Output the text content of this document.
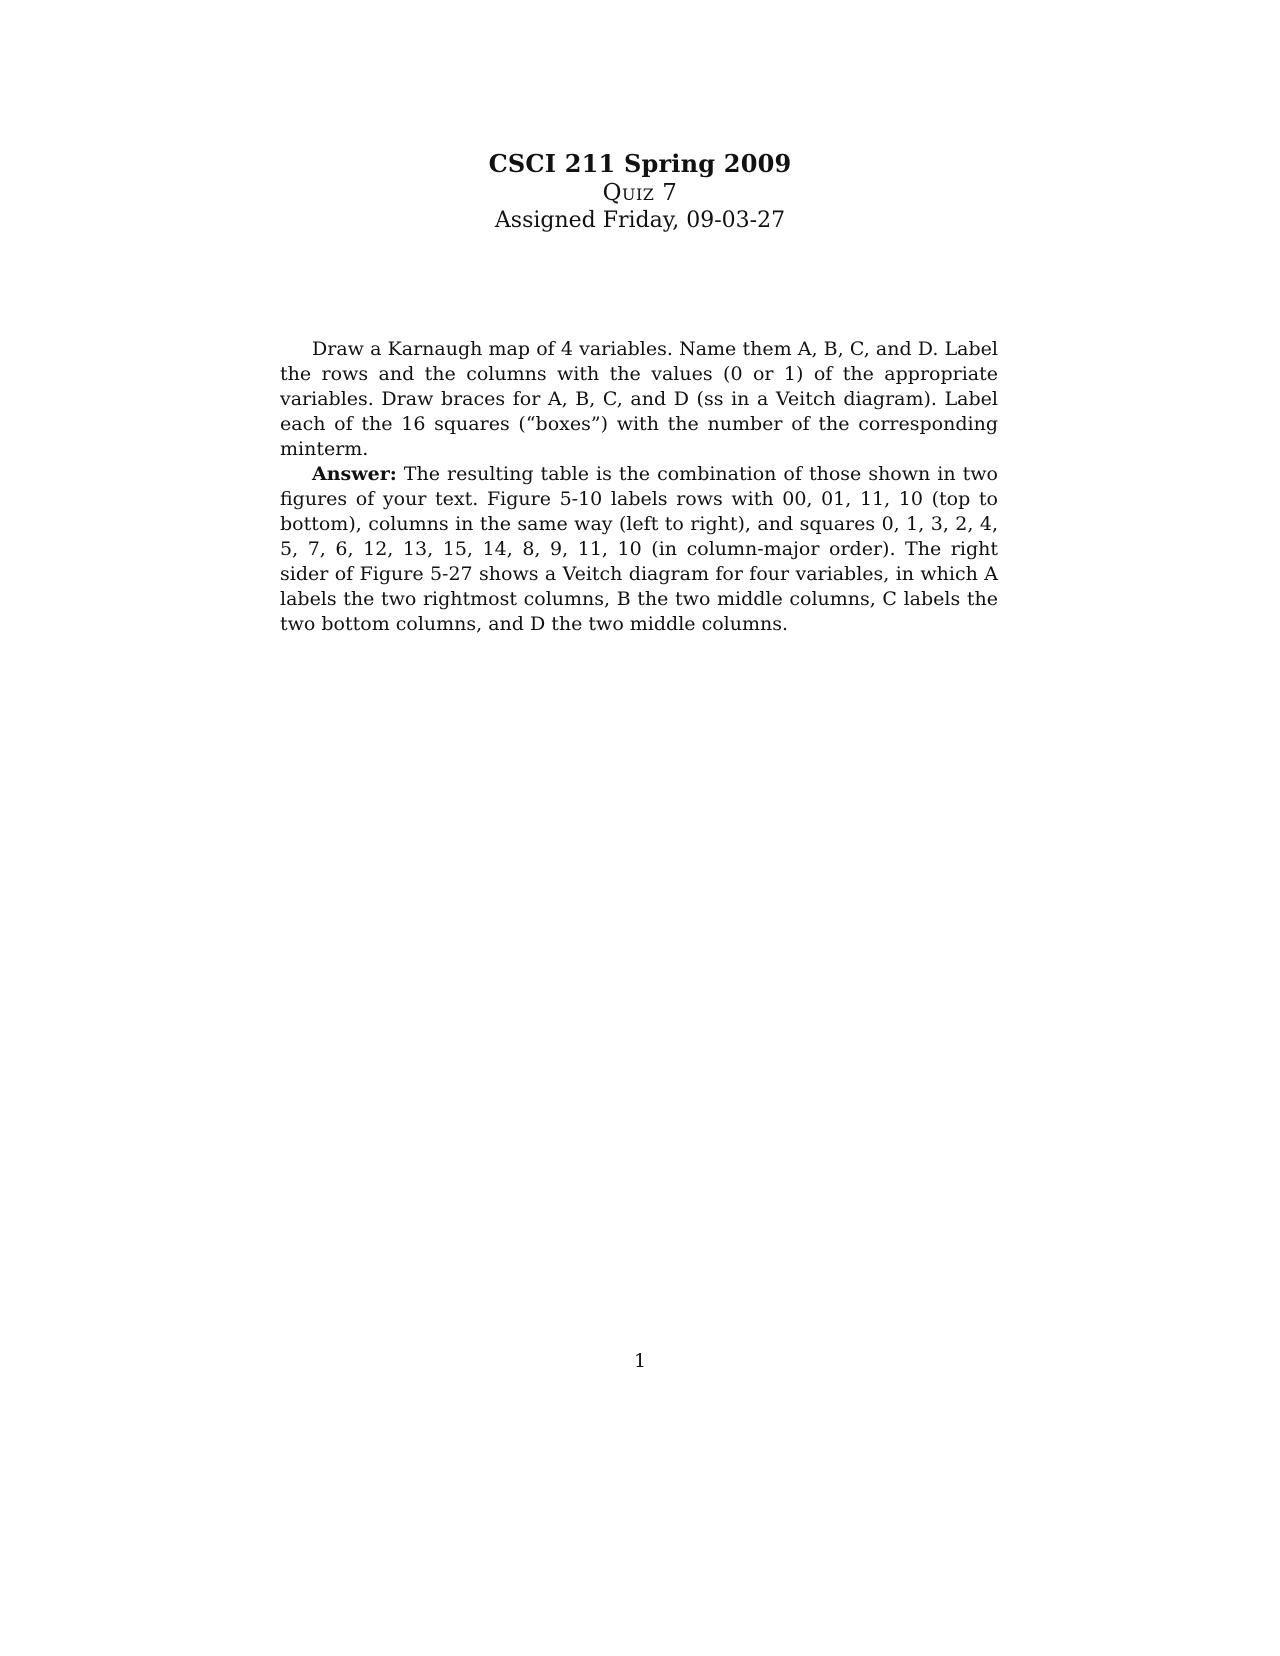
CSCI 211 Spring 2009
Quiz 7
Assigned Friday, 09-03-27

Draw a Karnaugh map of 4 variables. Name them A, B, C, and D. Label the rows and the columns with the values (0 or 1) of the appropriate variables. Draw braces for A, B, C, and D (ss in a Veitch diagram). Label each of the 16 squares (“boxes”) with the number of the corresponding minterm.

Answer: The resulting table is the combination of those shown in two figures of your text. Figure 5-10 labels rows with 00, 01, 11, 10 (top to bottom), columns in the same way (left to right), and squares 0, 1, 3, 2, 4, 5, 7, 6, 12, 13, 15, 14, 8, 9, 11, 10 (in column-major order). The right sider of Figure 5-27 shows a Veitch diagram for four variables, in which A labels the two rightmost columns, B the two middle columns, C labels the two bottom columns, and D the two middle columns.

1
